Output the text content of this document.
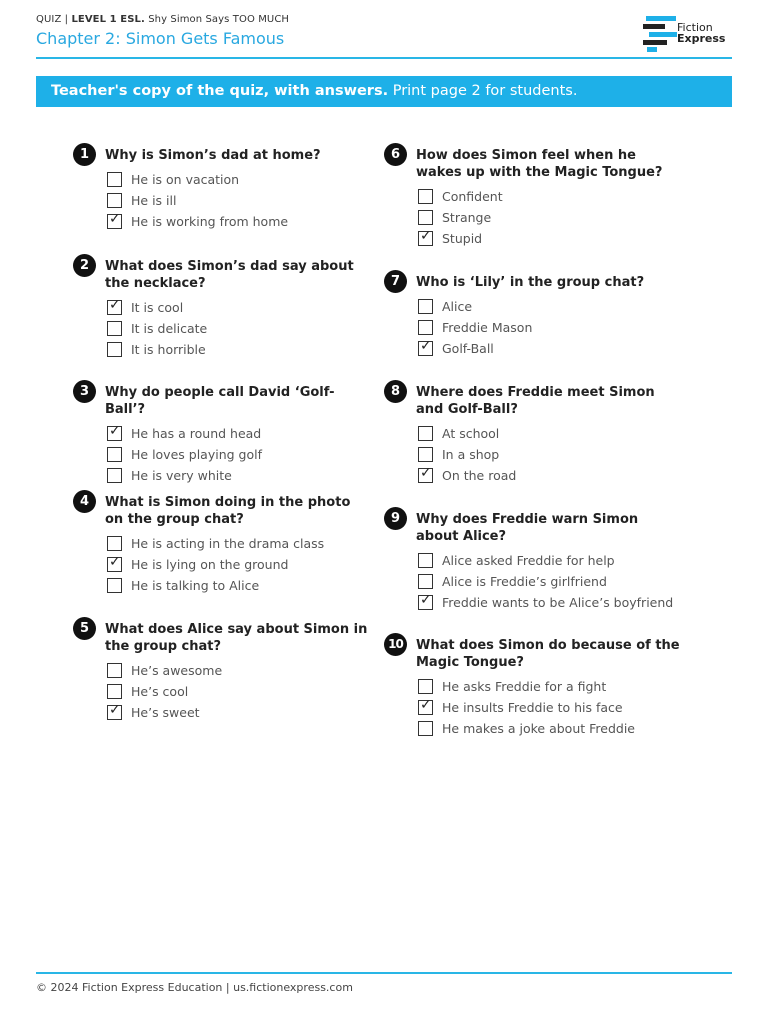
QUIZ | LEVEL 1 ESL. Shy Simon Says TOO MUCH
Chapter 2: Simon Gets Famous
Fiction
Express
Teacher's copy of the quiz, with answers. Print page 2 for students.
1	Why is Simon’s dad at home?
He is on vacation
He is ill
✓
He is working from home
2	What does Simon’s dad say about the necklace?
✓
It is cool
It is delicate
It is horrible
3	Why do people call David ‘Golf-Ball’?
✓
He has a round head
He loves playing golf
He is very white
4	What is Simon doing in the photo on the group chat?
He is acting in the drama class
✓
He is lying on the ground
He is talking to Alice
5	What does Alice say about Simon in the group chat?
He’s awesome
He’s cool
✓
He’s sweet
6	How does Simon feel when he wakes up with the Magic Tongue?
Confident
Strange
✓
Stupid
7	Who is ‘Lily’ in the group chat?
Alice
Freddie Mason
✓
Golf-Ball
8	Where does Freddie meet Simon and Golf-Ball?
At school
In a shop
✓
On the road
9	Why does Freddie warn Simon about Alice?
Alice asked Freddie for help
Alice is Freddie’s girlfriend
✓
Freddie wants to be Alice’s boyfriend
10	What does Simon do because of the Magic Tongue?
He asks Freddie for a fight
✓
He insults Freddie to his face
He makes a joke about Freddie
© 2024 Fiction Express Education | us.fictionexpress.com
